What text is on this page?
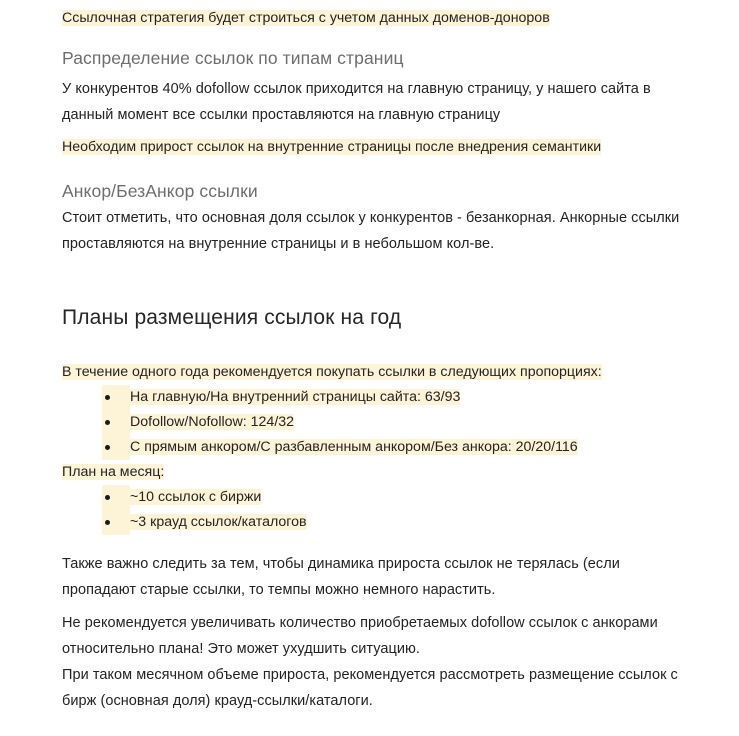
Ссылочная стратегия будет строиться с учетом данных доменов-доноров

Распределение ссылок по типам страниц

У конкурентов 40% dofollow ссылок приходится на главную страницу, у нашего сайта в данный момент все ссылки проставляются на главную страницу

Необходим прирост ссылок на внутренние страницы после внедрения семантики

Анкор/БезАнкор ссылки

Стоит отметить, что основная доля ссылок у конкурентов - безанкорная. Анкорные ссылки проставляются на внутренние страницы и в небольшом кол-ве.

Планы размещения ссылок на год

В течение одного года рекомендуется покупать ссылки в следующих пропорциях:

На главную/На внутренний страницы сайта: 63/93
Dofollow/Nofollow: 124/32
С прямым анкором/С разбавленным анкором/Без анкора: 20/20/116

План на месяц:

~10 ссылок с биржи
~3 крауд ссылок/каталогов

Также важно следить за тем, чтобы динамика прироста ссылок не терялась (если пропадают старые ссылки, то темпы можно немного нарастить.

Не рекомендуется увеличивать количество приобретаемых dofollow ссылок с анкорами относительно плана! Это может ухудшить ситуацию.

При таком месячном объеме прироста, рекомендуется рассмотреть размещение ссылок с бирж (основная доля) крауд-ссылки/каталоги.
